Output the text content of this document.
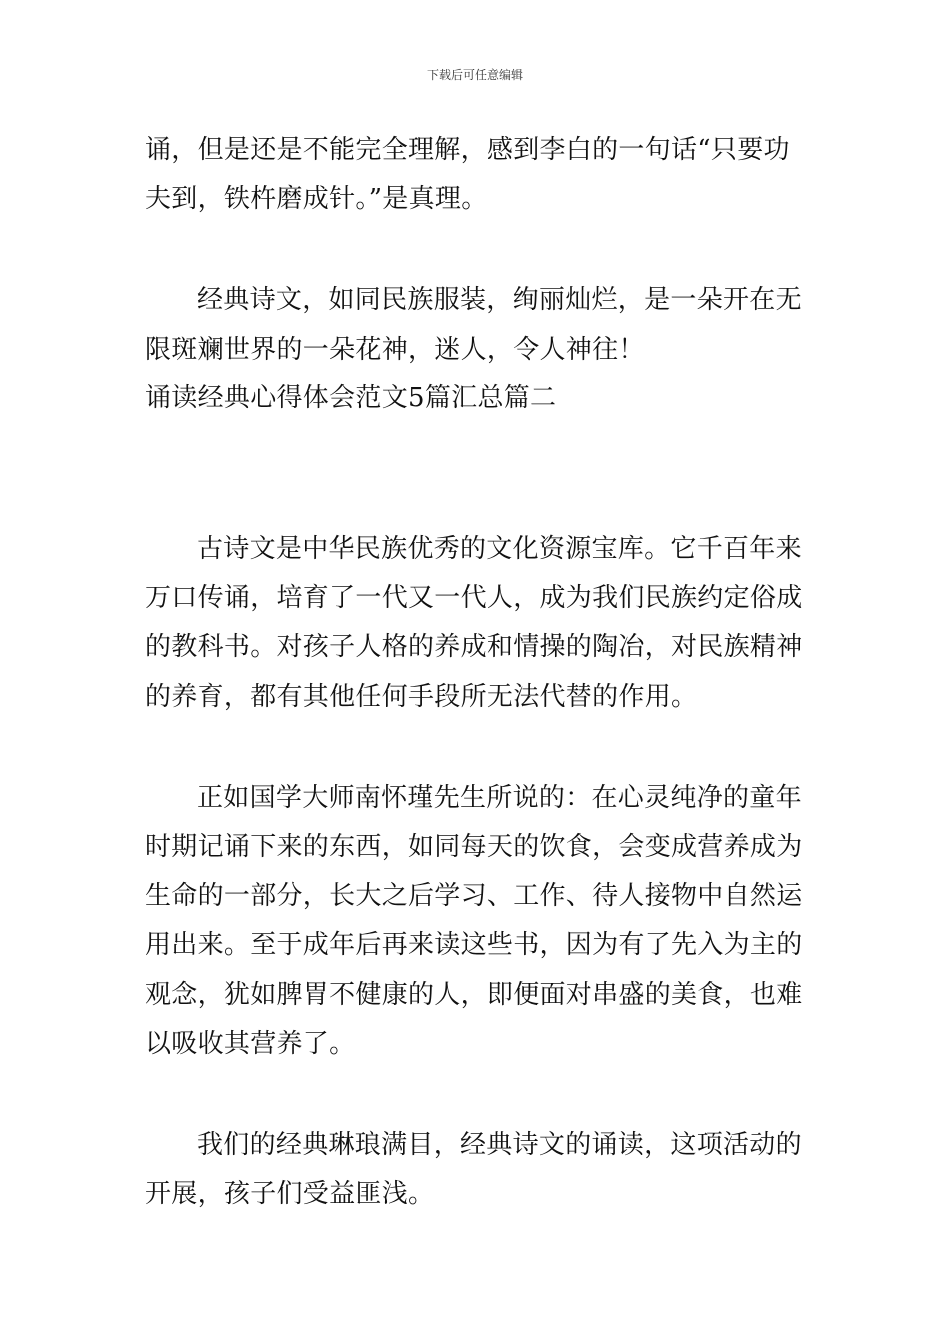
下载后可任意编辑
诵，但是还是不能完全理解，感到李白的一句话“只要功
夫到，铁杵磨成针。”是真理。
经典诗文，如同民族服装，绚丽灿烂，是一朵开在无
限斑斓世界的一朵花神，迷人，令人神往！
诵读经典心得体会范文5篇汇总篇二
古诗文是中华民族优秀的文化资源宝库。它千百年来
万口传诵，培育了一代又一代人，成为我们民族约定俗成
的教科书。对孩子人格的养成和情操的陶冶，对民族精神
的养育，都有其他任何手段所无法代替的作用。
正如国学大师南怀瑾先生所说的：在心灵纯净的童年
时期记诵下来的东西，如同每天的饮食，会变成营养成为
生命的一部分，长大之后学习、工作、待人接物中自然运
用出来。至于成年后再来读这些书，因为有了先入为主的
观念，犹如脾胃不健康的人，即便面对串盛的美食，也难
以吸收其营养了。
我们的经典琳琅满目，经典诗文的诵读，这项活动的
开展，孩子们受益匪浅。
